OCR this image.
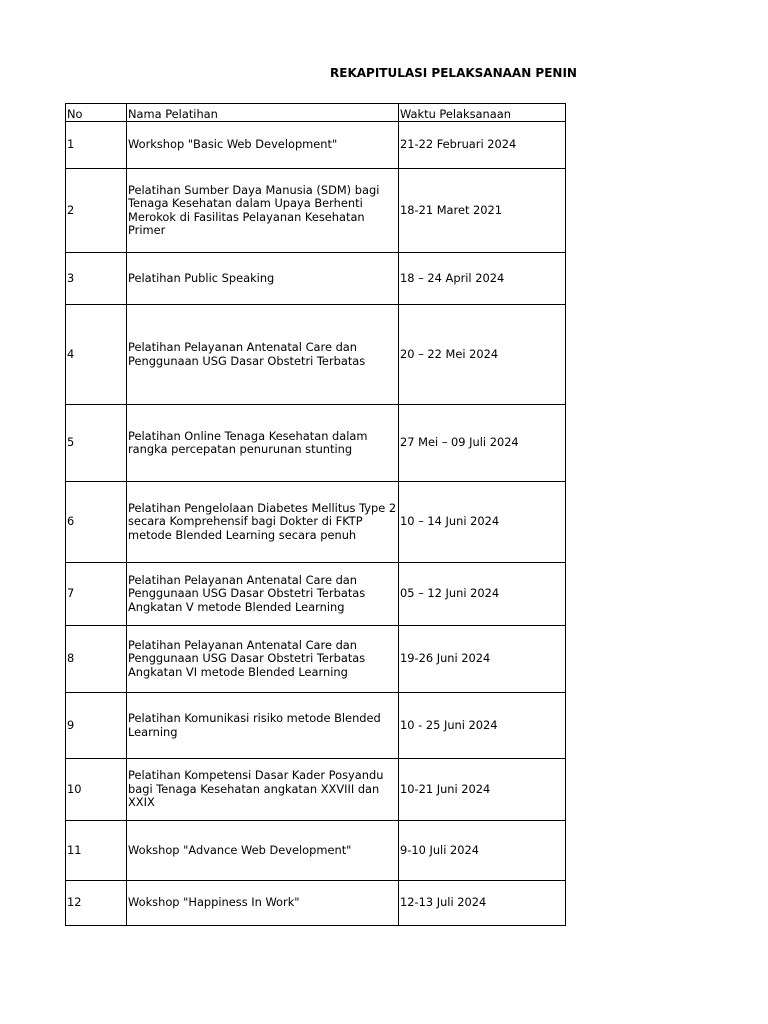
REKAPITULASI PELAKSANAAN PENIN
No	Nama Pelatihan	Waktu Pelaksanaan
1	Workshop "Basic Web Development"	21-22 Februari 2024
2	Pelatihan Sumber Daya Manusia (SDM) bagi Tenaga Kesehatan dalam Upaya Berhenti Merokok di Fasilitas Pelayanan Kesehatan Primer	18-21 Maret 2021
3	Pelatihan Public Speaking	18 – 24 April 2024
4	Pelatihan Pelayanan Antenatal Care dan Penggunaan USG Dasar Obstetri Terbatas	20 – 22 Mei 2024
5	Pelatihan Online Tenaga Kesehatan dalam rangka percepatan penurunan stunting	27 Mei – 09 Juli 2024
6	Pelatihan Pengelolaan Diabetes Mellitus Type 2 secara Komprehensif bagi Dokter di FKTP metode Blended Learning secara penuh	10 – 14 Juni 2024
7	Pelatihan Pelayanan Antenatal Care dan Penggunaan USG Dasar Obstetri Terbatas Angkatan V metode Blended Learning	05 – 12 Juni 2024
8	Pelatihan Pelayanan Antenatal Care dan Penggunaan USG Dasar Obstetri Terbatas Angkatan VI metode Blended Learning	19-26 Juni 2024
9	Pelatihan Komunikasi risiko metode Blended Learning	10 - 25 Juni 2024
10	Pelatihan Kompetensi Dasar Kader Posyandu bagi Tenaga Kesehatan angkatan XXVIII dan XXIX	10-21 Juni 2024
11	Wokshop "Advance Web Development"	9-10 Juli 2024
12	Wokshop "Happiness In Work"	12-13 Juli 2024
